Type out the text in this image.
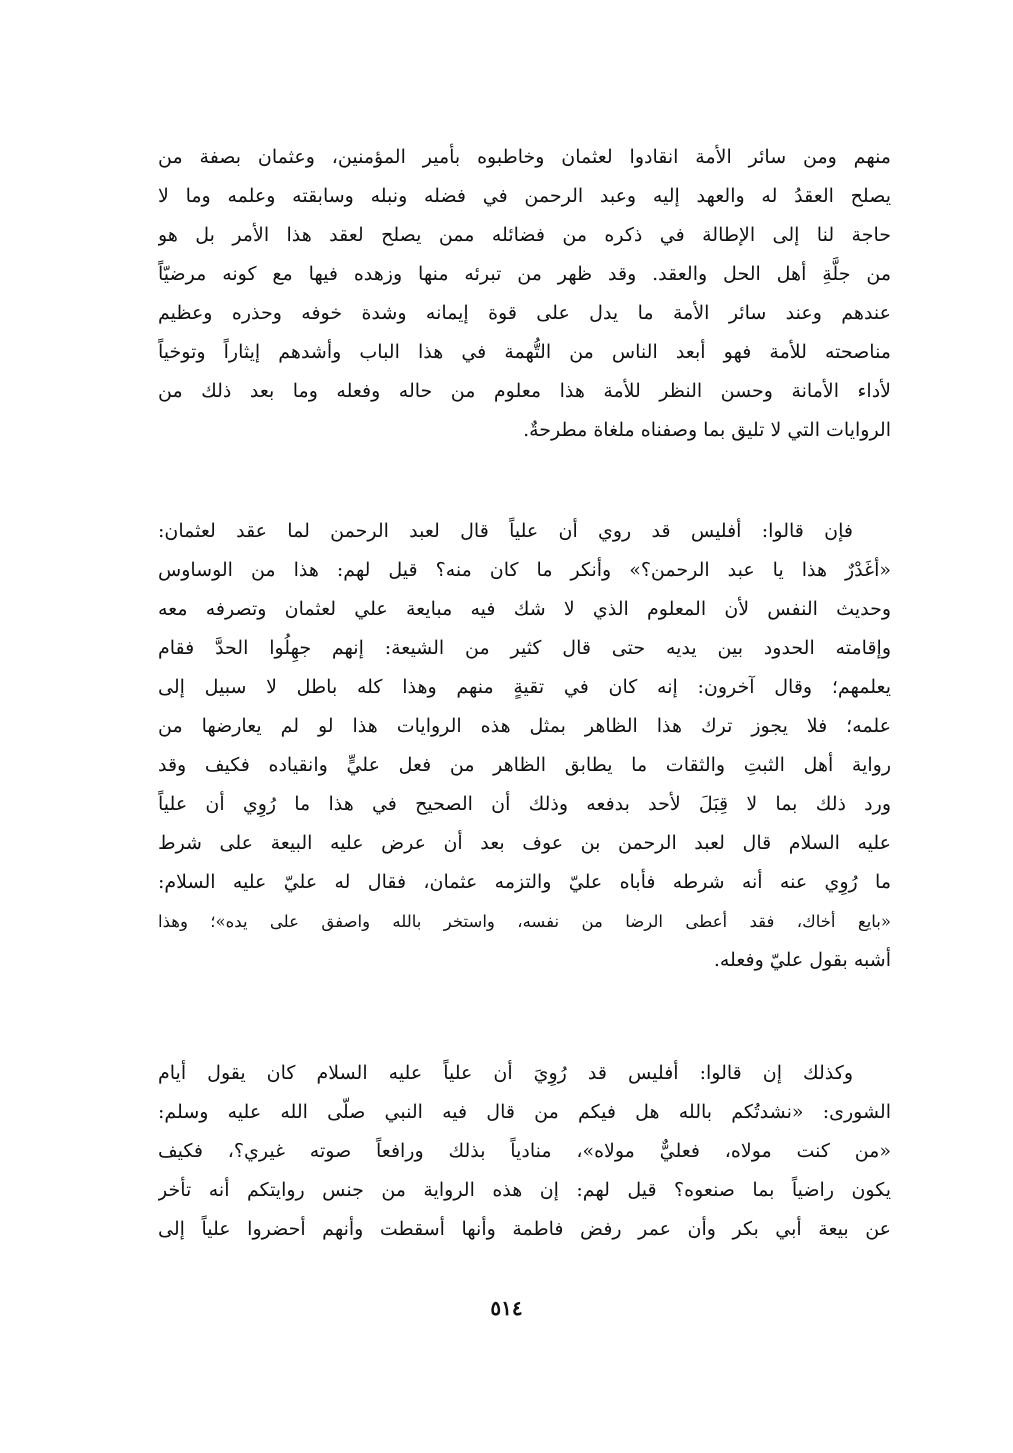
منهم ومن سائر الأمة انقادوا لعثمان وخاطبوه بأمير المؤمنين، وعثمان بصفة من
يصلح العقدُ له والعهد إليه وعبد الرحمن في فضله ونبله وسابقته وعلمه وما لا
حاجة لنا إلى الإطالة في ذكره من فضائله ممن يصلح لعقد هذا الأمر بل هو
من جلَّةِ أهل الحل والعقد. وقد ظهر من تبرئه منها وزهده فيها مع كونه مرضيّاً
عندهم وعند سائر الأمة ما يدل على قوة إيمانه وشدة خوفه وحذره وعظيم
مناصحته للأمة فهو أبعد الناس من التُّهمة في هذا الباب وأشدهم إيثاراً وتوخياً
لأداء الأمانة وحسن النظر للأمة هذا معلوم من حاله وفعله وما بعد ذلك من
الروايات التي لا تليق بما وصفناه ملغاة مطرحةٌ.
فإن قالوا: أفليس قد روي أن علياً قال لعبد الرحمن لما عقد لعثمان:
«أغَدْرٌ هذا يا عبد الرحمن؟» وأنكر ما كان منه؟ قيل لهم: هذا من الوساوس
وحديث النفس لأن المعلوم الذي لا شك فيه مبايعة علي لعثمان وتصرفه معه
وإقامته الحدود بين يديه حتى قال كثير من الشيعة: إنهم جهِلُوا الحدَّ فقام
يعلمهم؛ وقال آخرون: إنه كان في تقيةٍ منهم وهذا كله باطل لا سبيل إلى
علمه؛ فلا يجوز ترك هذا الظاهر بمثل هذه الروايات هذا لو لم يعارضها من
رواية أهل الثبتِ والثقات ما يطابق الظاهر من فعل عليٍّ وانقياده فكيف وقد
ورد ذلك بما لا قِبَلَ لأحد بدفعه وذلك أن الصحيح في هذا ما رُوِي أن علياً
عليه السلام قال لعبد الرحمن بن عوف بعد أن عرض عليه البيعة على شرط
ما رُوِي عنه أنه شرطه فأباه عليّ والتزمه عثمان، فقال له عليّ عليه السلام:
«بايع أخاك، فقد أعطى الرضا من نفسه، واستخر بالله واصفق على يده»؛ وهذا
أشبه بقول عليّ وفعله.
وكذلك إن قالوا: أفليس قد رُوِيَ أن علياً عليه السلام كان يقول أيام
الشورى: «نشدتُكم بالله هل فيكم من قال فيه النبي صلّى الله عليه وسلم:
«من كنت مولاه، فعليٌّ مولاه»، منادياً بذلك ورافعاً صوته غيري؟، فكيف
يكون راضياً بما صنعوه؟ قيل لهم: إن هذه الرواية من جنس روايتكم أنه تأخر
عن بيعة أبي بكر وأن عمر رفض فاطمة وأنها أسقطت وأنهم أحضروا علياً إلى
٥١٤
